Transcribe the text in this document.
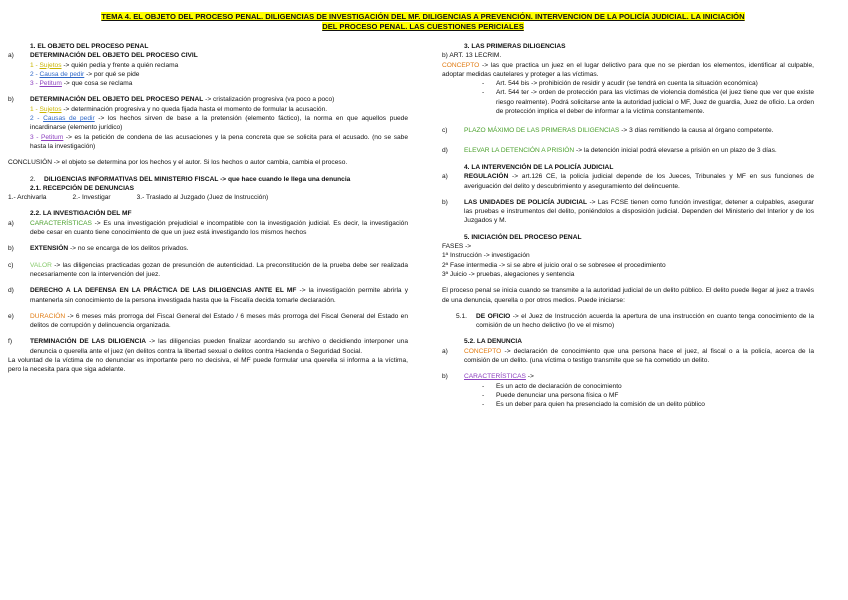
TEMA 4. EL OBJETO DEL PROCESO PENAL. DILIGENCIAS DE INVESTIGACIÓN DEL MF. DILIGENCIAS A PREVENCIÓN. INTERVENCION DE LA POLICÍA JUDICIAL. LA INICIACIÓN
DEL PROCESO PENAL. LAS CUESTIONES PERICIALES
1. EL OBJETO DEL PROCESO PENAL
a)	DETERMINACIÓN DEL OBJETO DEL PROCESO CIVIL
1 - Sujetos -> quién pedía y frente a quién reclama
2 - Causa de pedir -> por qué se pide
3 - Petitum -> que cosa se reclama
b)	DETERMINACIÓN DEL OBJETO DEL PROCESO PENAL -> cristalización progresiva (va poco a poco)
1 - Sujetos -> determinación progresiva y no queda fijada hasta el momento de formular la acusación.
2 - Causas de pedir -> los hechos sirven de base a la pretensión (elemento fáctico), la norma en que aquellos puede incardinarse (elemento jurídico)
3 - Petitum -> es la petición de condena de las acusaciones y la pena concreta que se solicita para el acusado. (no se sabe hasta la investigación)
CONCLUSIÓN -> el objeto se determina por los hechos y el autor. Si los hechos o autor cambia, cambia el proceso.
2.	DILIGENCIAS INFORMATIVAS DEL MINISTERIO FISCAL -> que hace cuando le llega una denuncia
2.1. RECEPCIÓN DE DENUNCIAS
1.- Archivarla	2.- Investigar	3.- Traslado al Juzgado (Juez de Instrucción)
2.2. LA INVESTIGACIÓN DEL MF
a)	CARACTERÍSTICAS -> Es una investigación prejudicial e incompatible con la investigación judicial. Es decir, la investigación debe cesar en cuanto tiene conocimiento de que un juez está investigando los mismos hechos
b)	EXTENSIÓN -> no se encarga de los delitos privados.
c)	VALOR -> las diligencias practicadas gozan de presunción de autenticidad. La preconstitución de la prueba debe ser realizada necesariamente con la intervención del juez.
d)	DERECHO A LA DEFENSA EN LA PRÁCTICA DE LAS DILIGENCIAS ANTE EL MF -> la investigación permite abrirla y mantenerla sin conocimiento de la persona investigada hasta que la Fiscalía decida tomarle declaración.
e)	DURACIÓN -> 6 meses más prorroga del Fiscal General del Estado / 6 meses más prorroga del Fiscal General del Estado en delitos de corrupción y delincuencia organizada.
f)	TERMINACIÓN DE LAS DILIGENCIA -> las diligencias pueden finalizar acordando su archivo o decidiendo interponer una denuncia o querella ante el juez (en delitos contra la libertad sexual o delitos contra Hacienda o Seguridad Social.
La voluntad de la víctima de no denunciar es importante pero no decisiva, el MF puede formular una querella si informa a la víctima, pero la necesita para que siga adelante.
3. LAS PRIMERAS DILIGENCIAS
b) ART. 13 LECRIM.
CONCEPTO -> las que practica un juez en el lugar delictivo para que no se pierdan los elementos, identificar al culpable, adoptar medidas cautelares y proteger a las víctimas.
-	Art. 544 bis -> prohibición de residir y acudir (se tendrá en cuenta la situación económica)
-	Art. 544 ter -> orden de protección para las víctimas de violencia doméstica (el juez tiene que ver que existe riesgo realmente). Podrá solicitarse ante la autoridad judicial o MF, Juez de guardia, Juez de oficio. La orden de protección implica el deber de informar a la víctima constantemente.
c)	PLAZO MÁXIMO DE LAS PRIMERAS DILIGENCIAS -> 3 días remitiendo la causa al órgano competente.
d)	ELEVAR LA DETENCIÓN A PRISIÓN -> la detención inicial podrá elevarse a prisión en un plazo de 3 días.
4. LA INTERVENCIÓN DE LA POLICÍA JUDICIAL
a)	REGULACIÓN -> art.126 CE, la policía judicial depende de los Jueces, Tribunales y MF en sus funciones de averiguación del delito y descubrimiento y aseguramiento del delincuente.
b)	LAS UNIDADES DE POLICÍA JUDICIAL -> Las FCSE tienen como función investigar, detener a culpables, asegurar las pruebas e instrumentos del delito, poniéndolos a disposición judicial. Dependen del Ministerio del Interior y de los Juzgados y M.
5. INICIACIÓN DEL PROCESO PENAL
FASES ->
1ª Instrucción -> investigación
2ª Fase intermedia -> si se abre el juicio oral o se sobresee el procedimiento
3ª Juicio -> pruebas, alegaciones y sentencia
El proceso penal se inicia cuando se transmite a la autoridad judicial de un delito público. El delito puede llegar al juez a través de una denuncia, querella o por otros medios. Puede iniciarse:
5.1.	DE OFICIO -> el Juez de Instrucción acuerda la apertura de una instrucción en cuanto tenga conocimiento de la comisión de un hecho delictivo (lo ve el mismo)
5.2. LA DENUNCIA
a)	CONCEPTO -> declaración de conocimiento que una persona hace el juez, al fiscal o a la policía, acerca de la comisión de un delito. (una víctima o testigo transmite que se ha cometido un delito.
b)	CARACTERÍSTICAS ->
-	Es un acto de declaración de conocimiento
-	Puede denunciar una persona física o MF
-	Es un deber para quien ha presenciado la comisión de un delito público
